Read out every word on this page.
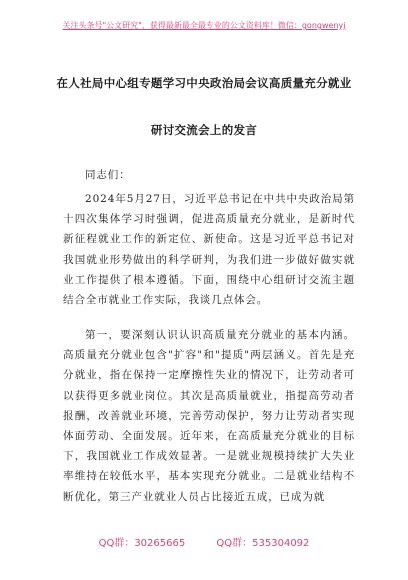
关注头条号"公文研究"，获得最新最全最专业的公文资料库！微信：gongwenyj
在人社局中心组专题学习中央政治局会议高质量充分就业
研讨交流会上的发言
同志们：

2024年5月27日，习近平总书记在中共中央政治局第十四次集体学习时强调，促进高质量充分就业，是新时代新征程就业工作的新定位、新使命。这是习近平总书记对我国就业形势做出的科学研判，为我们进一步做好做实就业工作提供了根本遵循。下面，围绕中心组研讨交流主题结合全市就业工作实际，我谈几点体会。

第一，要深刻认识认识高质量充分就业的基本内涵。高质量充分就业包含"扩容"和"提质"两层涵义。首先是充分就业，指在保持一定摩擦性失业的情况下，让劳动者可以获得更多就业岗位。其次是高质量就业，指提高劳动者报酬，改善就业环境，完善劳动保护，努力让劳动者实现体面劳动、全面发展。近年来，在高质量充分就业的目标下，我国就业工作成效显著。一是就业规模持续扩大失业率维持在较低水平，基本实现充分就业。二是就业结构不断优化，第三产业就业人员占比接近五成，已成为就

QQ群：30265665	QQ群：535304092
